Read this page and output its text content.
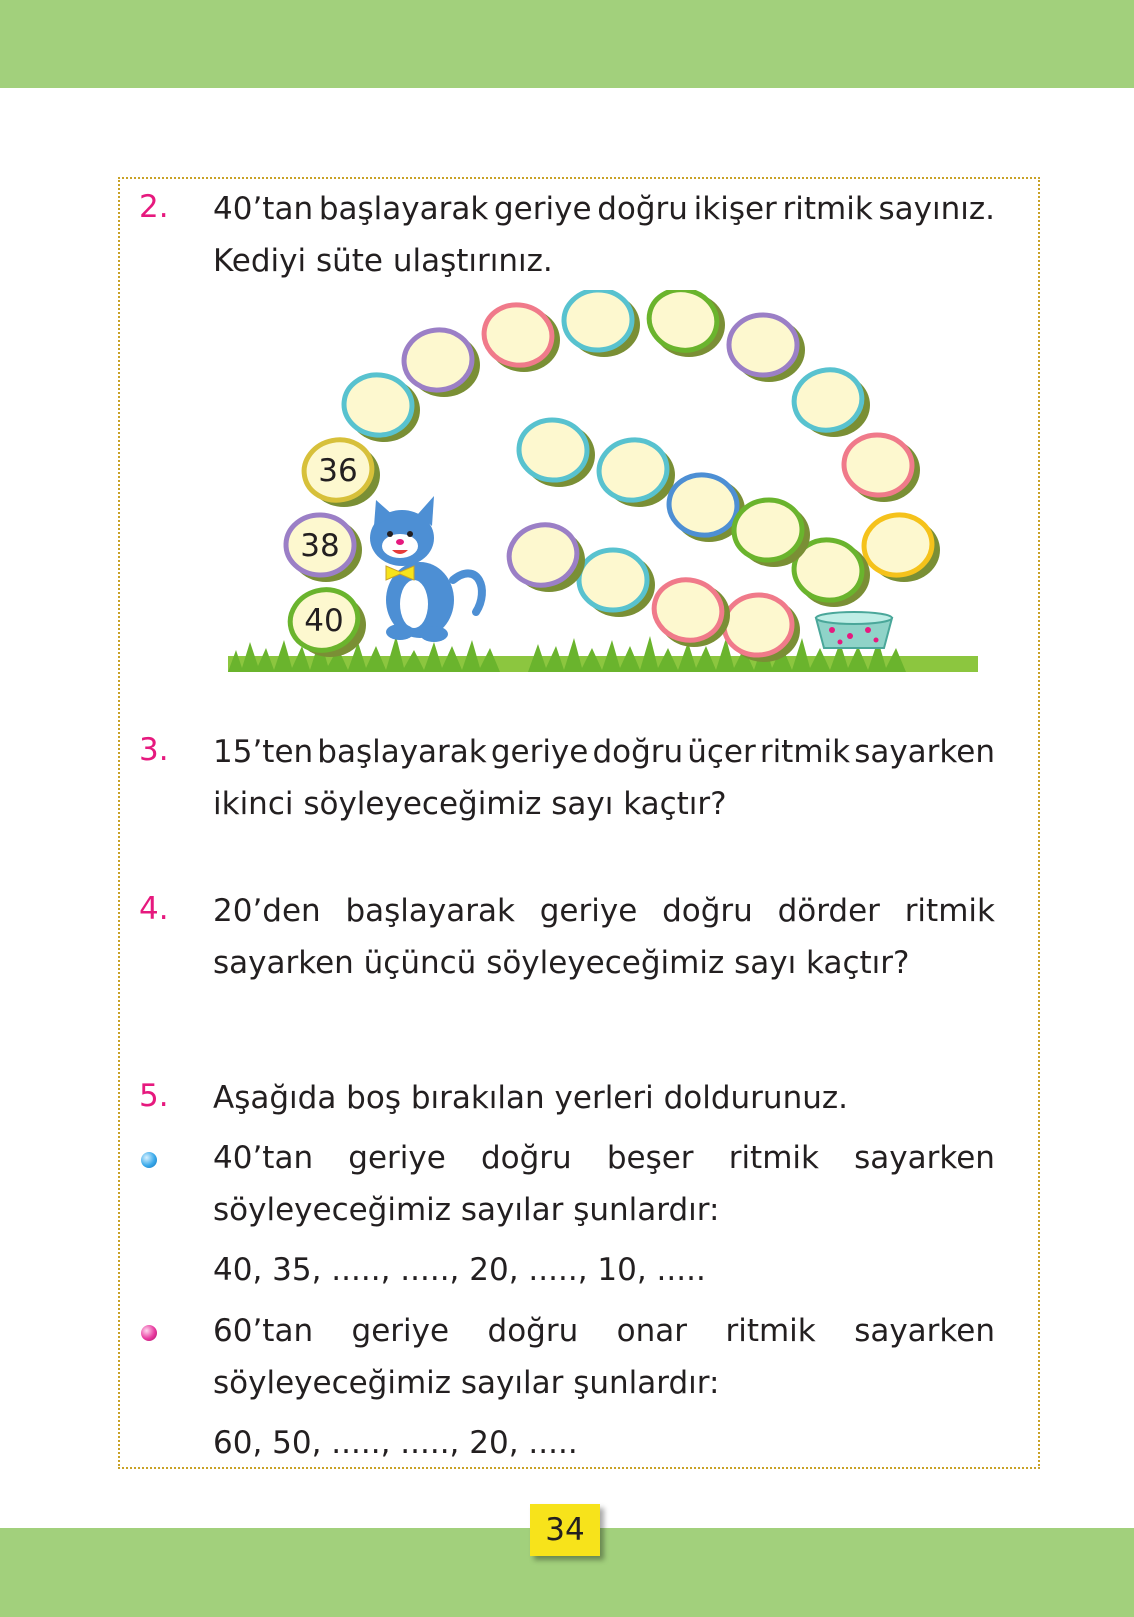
2. 40’tan başlayarak geriye doğru ikişer ritmik sayınız.
Kediyi süte ulaştırınız.
40
38
36
3. 15’ten başlayarak geriye doğru üçer ritmik sayarken
ikinci söyleyeceğimiz sayı kaçtır?
4. 20’den başlayarak geriye doğru dörder ritmik
sayarken üçüncü söyleyeceğimiz sayı kaçtır?
5. Aşağıda boş bırakılan yerleri doldurunuz.
40’tan geriye doğru beşer ritmik sayarken
söyleyeceğimiz sayılar şunlardır:
40, 35, ....., ....., 20, ....., 10, .....
60’tan geriye doğru onar ritmik sayarken
söyleyeceğimiz sayılar şunlardır:
60, 50, ....., ....., 20, .....
34
